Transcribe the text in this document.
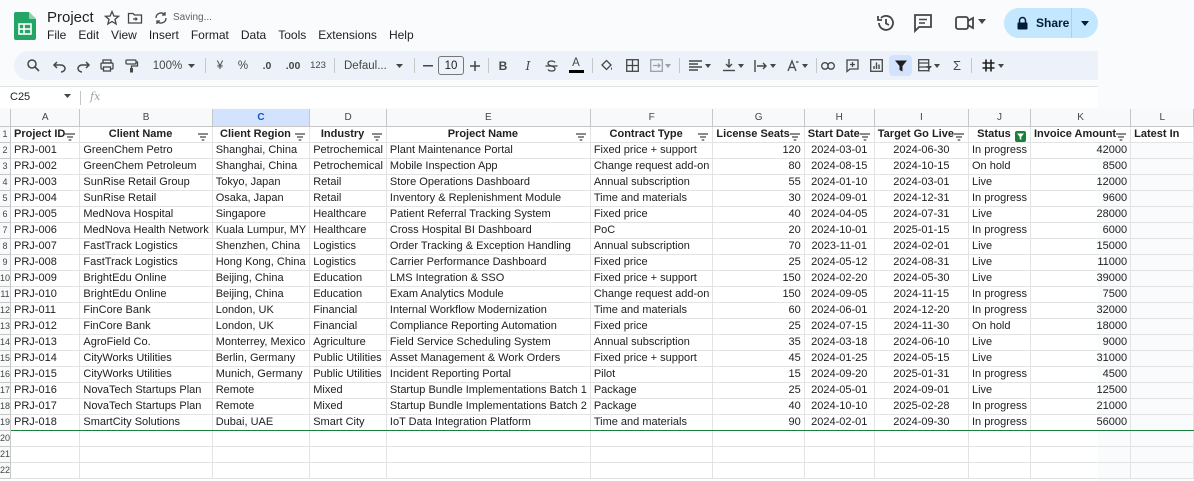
Project	Saving...
File	Edit	View	Insert	Format	Data	Tools	Extensions	Help
Share
100%	¥ % .0 .00 123 Defaul...	10	B I	A	Σ
C25	fx
	A	B	C	D	E	F	G	H	I	J	K	L
1	Project ID	Client Name	Client Region	Industry	Project Name	Contract Type	License Seats	Start Date	Target Go Live	Status	Invoice Amount	Latest In
2	PRJ-001	GreenChem Petro	Shanghai, China	Petrochemical	Plant Maintenance Portal	Fixed price + support	120	2024-03-01	2024-06-30	In progress	42000	
3	PRJ-002	GreenChem Petroleum	Shanghai, China	Petrochemical	Mobile Inspection App	Change request add-on	80	2024-08-15	2024-10-15	On hold	8500	
4	PRJ-003	SunRise Retail Group	Tokyo, Japan	Retail	Store Operations Dashboard	Annual subscription	55	2024-01-10	2024-03-01	Live	12000	
5	PRJ-004	SunRise Retail	Osaka, Japan	Retail	Inventory & Replenishment Module	Time and materials	30	2024-09-01	2024-12-31	In progress	9600	
6	PRJ-005	MedNova Hospital	Singapore	Healthcare	Patient Referral Tracking System	Fixed price	40	2024-04-05	2024-07-31	Live	28000	
7	PRJ-006	MedNova Health Network	Kuala Lumpur, MY	Healthcare	Cross Hospital BI Dashboard	PoC	20	2024-10-01	2025-01-15	In progress	6000	
8	PRJ-007	FastTrack Logistics	Shenzhen, China	Logistics	Order Tracking & Exception Handling	Annual subscription	70	2023-11-01	2024-02-01	Live	15000	
9	PRJ-008	FastTrack Logistics	Hong Kong, China	Logistics	Carrier Performance Dashboard	Fixed price	25	2024-05-12	2024-08-31	Live	11000	
10	PRJ-009	BrightEdu Online	Beijing, China	Education	LMS Integration & SSO	Fixed price + support	150	2024-02-20	2024-05-30	Live	39000	
11	PRJ-010	BrightEdu Online	Beijing, China	Education	Exam Analytics Module	Change request add-on	150	2024-09-05	2024-11-15	In progress	7500	
12	PRJ-011	FinCore Bank	London, UK	Financial	Internal Workflow Modernization	Time and materials	60	2024-06-01	2024-12-20	In progress	32000	
13	PRJ-012	FinCore Bank	London, UK	Financial	Compliance Reporting Automation	Fixed price	25	2024-07-15	2024-11-30	On hold	18000	
14	PRJ-013	AgroField Co.	Monterrey, Mexico	Agriculture	Field Service Scheduling System	Annual subscription	35	2024-03-18	2024-06-10	Live	9000	
15	PRJ-014	CityWorks Utilities	Berlin, Germany	Public Utilities	Asset Management & Work Orders	Fixed price + support	45	2024-01-25	2024-05-15	Live	31000	
16	PRJ-015	CityWorks Utilities	Munich, Germany	Public Utilities	Incident Reporting Portal	Pilot	15	2024-09-20	2025-01-31	In progress	4500	
17	PRJ-016	NovaTech Startups Plan	Remote	Mixed	Startup Bundle Implementations Batch 1	Package	25	2024-05-01	2024-09-01	Live	12500	
18	PRJ-017	NovaTech Startups Plan	Remote	Mixed	Startup Bundle Implementations Batch 2	Package	40	2024-10-10	2025-02-28	In progress	21000	
19	PRJ-018	SmartCity Solutions	Dubai, UAE	Smart City	IoT Data Integration Platform	Time and materials	90	2024-02-01	2024-09-30	In progress	56000	
20												
21												
22												
